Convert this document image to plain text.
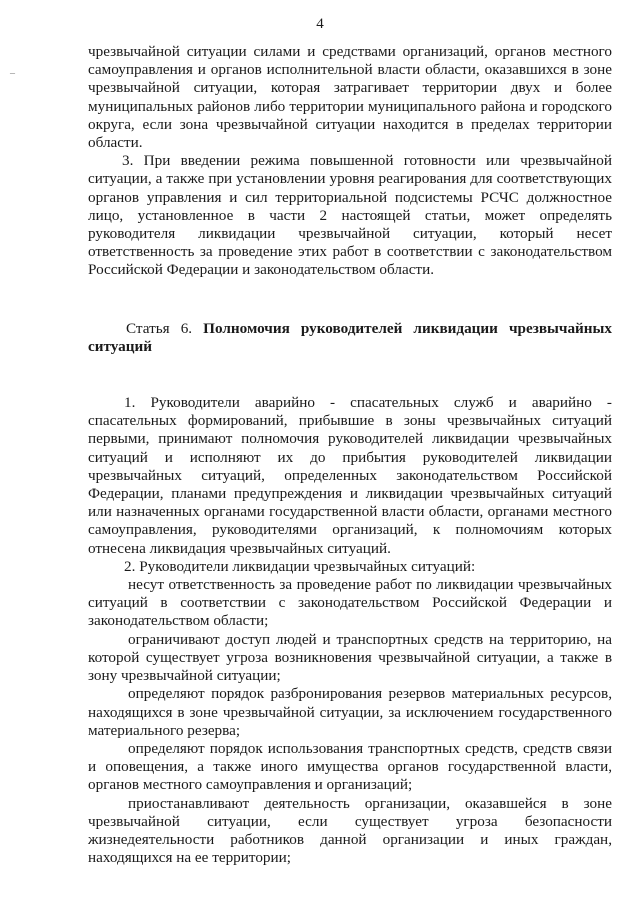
4
–

чрезвычайной ситуации силами и средствами организаций, органов местного самоуправления и органов исполнительной власти области, оказавшихся в зоне чрезвычайной ситуации, которая затрагивает территории двух и более муниципальных районов либо территории муниципального района и городского округа, если зона чрезвычайной ситуации находится в пределах территории области.

3. При введении режима повышенной готовности или чрезвычайной ситуации, а также при установлении уровня реагирования для соответствующих органов управления и сил территориальной подсистемы РСЧС должностное лицо, установленное в части 2 настоящей статьи, может определять руководителя ликвидации чрезвычайной ситуации, который несет ответственность за проведение этих работ в соответствии с законодательством Российской Федерации и законодательством области.

Статья 6. Полномочия руководителей ликвидации чрезвычайных ситуаций

1. Руководители аварийно - спасательных служб и аварийно - спасательных формирований, прибывшие в зоны чрезвычайных ситуаций первыми, принимают полномочия руководителей ликвидации чрезвычайных ситуаций и исполняют их до прибытия руководителей ликвидации чрезвычайных ситуаций, определенных законодательством Российской Федерации, планами предупреждения и ликвидации чрезвычайных ситуаций или назначенных органами государственной власти области, органами местного самоуправления, руководителями организаций, к полномочиям которых отнесена ликвидация чрезвычайных ситуаций.

2. Руководители ликвидации чрезвычайных ситуаций:

несут ответственность за проведение работ по ликвидации чрезвычайных ситуаций в соответствии с законодательством Российской Федерации и законодательством области;

ограничивают доступ людей и транспортных средств на территорию, на которой существует угроза возникновения чрезвычайной ситуации, а также в зону чрезвычайной ситуации;

определяют порядок разбронирования резервов материальных ресурсов, находящихся в зоне чрезвычайной ситуации, за исключением государственного материального резерва;

определяют порядок использования транспортных средств, средств связи и оповещения, а также иного имущества органов государственной власти, органов местного самоуправления и организаций;

приостанавливают деятельность организации, оказавшейся в зоне чрезвычайной ситуации, если существует угроза безопасности жизнедеятельности работников данной организации и иных граждан, находящихся на ее территории;
